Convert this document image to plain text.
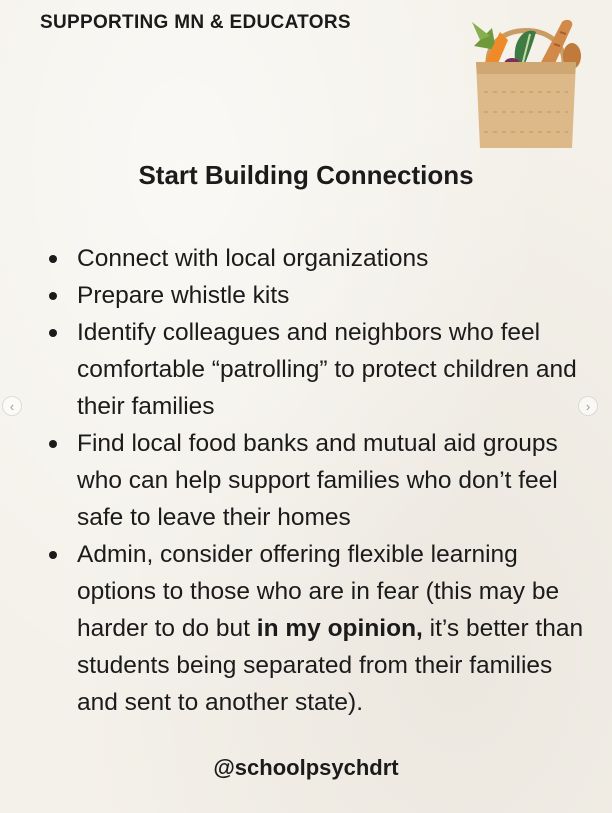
SUPPORTING MN & EDUCATORS
Start Building Connections
Connect with local organizations
Prepare whistle kits
Identify colleagues and neighbors who feel comfortable “patrolling” to protect children and their families
Find local food banks and mutual aid groups who can help support families who don’t feel safe to leave their homes
Admin, consider offering flexible learning options to those who are in fear (this may be harder to do but in my opinion, it’s better than students being separated from their families and sent to another state).
@schoolpsychdrt
‹	›
